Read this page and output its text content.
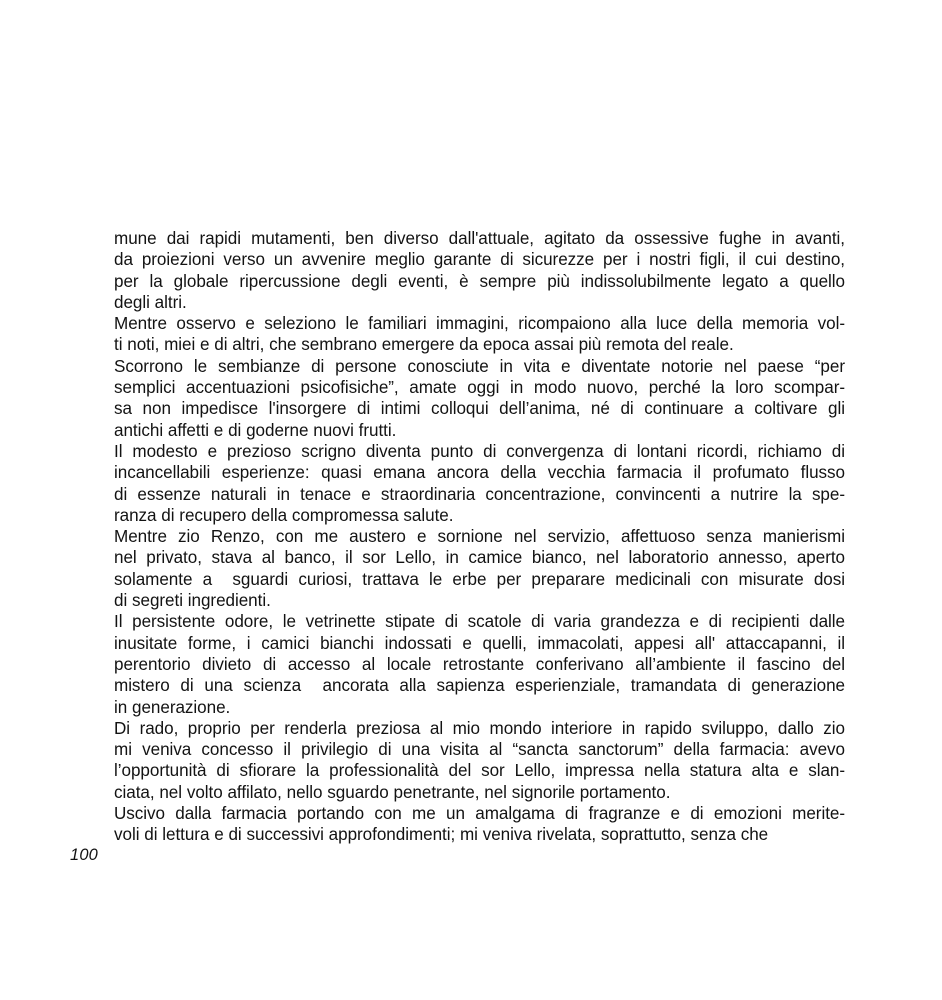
mune dai rapidi mutamenti, ben diverso dall'attuale, agitato da ossessive fughe in avanti,
da proiezioni verso un avvenire meglio garante di sicurezze per i nostri figli, il cui destino,
per la globale ripercussione degli eventi, è sempre più indissolubilmente legato a quello
degli altri.

Mentre osservo e seleziono le familiari immagini, ricompaiono alla luce della memoria vol-
ti noti, miei e di altri, che sembrano emergere da epoca assai più remota del reale.

Scorrono le sembianze di persone conosciute in vita e diventate notorie nel paese “per
semplici accentuazioni psicofisiche”, amate oggi in modo nuovo, perché la loro scompar-
sa non impedisce l'insorgere di intimi colloqui dell’anima, né di continuare a coltivare gli
antichi affetti e di goderne nuovi frutti.

Il modesto e prezioso scrigno diventa punto di convergenza di lontani ricordi, richiamo di
incancellabili esperienze: quasi emana ancora della vecchia farmacia il profumato flusso
di essenze naturali in tenace e straordinaria concentrazione, convincenti a nutrire la spe-
ranza di recupero della compromessa salute.

Mentre zio Renzo, con me austero e sornione nel servizio, affettuoso senza manierismi
nel privato, stava al banco, il sor Lello, in camice bianco, nel laboratorio annesso, aperto
solamente a  sguardi curiosi, trattava le erbe per preparare medicinali con misurate dosi
di segreti ingredienti.

Il persistente odore, le vetrinette stipate di scatole di varia grandezza e di recipienti dalle
inusitate forme, i camici bianchi indossati e quelli, immacolati, appesi all' attaccapanni, il
perentorio divieto di accesso al locale retrostante conferivano all’ambiente il fascino del
mistero di una scienza  ancorata alla sapienza esperienziale, tramandata di generazione
in generazione.

Di rado, proprio per renderla preziosa al mio mondo interiore in rapido sviluppo, dallo zio
mi veniva concesso il privilegio di una visita al “sancta sanctorum” della farmacia: avevo
l’opportunità di sfiorare la professionalità del sor Lello, impressa nella statura alta e slan-
ciata, nel volto affilato, nello sguardo penetrante, nel signorile portamento.

Uscivo dalla farmacia portando con me un amalgama di fragranze e di emozioni merite-
voli di lettura e di successivi approfondimenti; mi veniva rivelata, soprattutto, senza che

100
